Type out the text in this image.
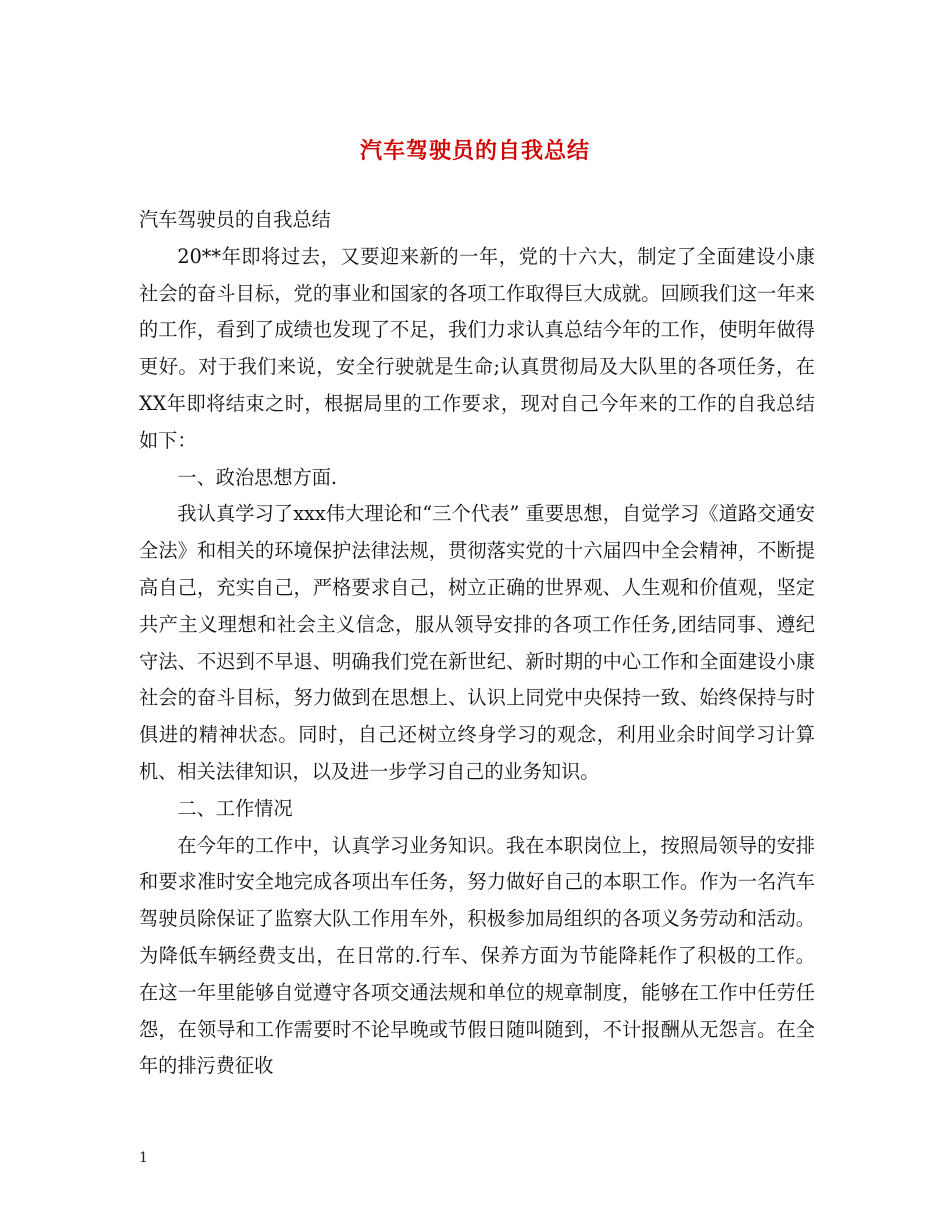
汽车驾驶员的自我总结

汽车驾驶员的自我总结

20**年即将过去，又要迎来新的一年，党的十六大，制定了全面建设小康社会的奋斗目标，党的事业和国家的各项工作取得巨大成就。回顾我们这一年来的工作，看到了成绩也发现了不足，我们力求认真总结今年的工作，使明年做得更好。对于我们来说，安全行驶就是生命;认真贯彻局及大队里的各项任务，在XX年即将结束之时，根据局里的工作要求，现对自己今年来的工作的自我总结如下：

一、政治思想方面.

我认真学习了xxx伟大理论和“三个代表” 重要思想，自觉学习《道路交通安全法》和相关的环境保护法律法规，贯彻落实党的十六届四中全会精神，不断提高自己，充实自己，严格要求自己，树立正确的世界观、人生观和价值观，坚定共产主义理想和社会主义信念，服从领导安排的各项工作任务,团结同事、遵纪守法、不迟到不早退、明确我们党在新世纪、新时期的中心工作和全面建设小康社会的奋斗目标，努力做到在思想上、认识上同党中央保持一致、始终保持与时俱进的精神状态。同时，自己还树立终身学习的观念，利用业余时间学习计算机、相关法律知识，以及进一步学习自己的业务知识。

二、工作情况

在今年的工作中，认真学习业务知识。我在本职岗位上，按照局领导的安排和要求准时安全地完成各项出车任务，努力做好自己的本职工作。作为一名汽车驾驶员除保证了监察大队工作用车外，积极参加局组织的各项义务劳动和活动。为降低车辆经费支出，在日常的.行车、保养方面为节能降耗作了积极的工作。在这一年里能够自觉遵守各项交通法规和单位的规章制度，能够在工作中任劳任怨，在领导和工作需要时不论早晚或节假日随叫随到，不计报酬从无怨言。在全年的排污费征收

1
